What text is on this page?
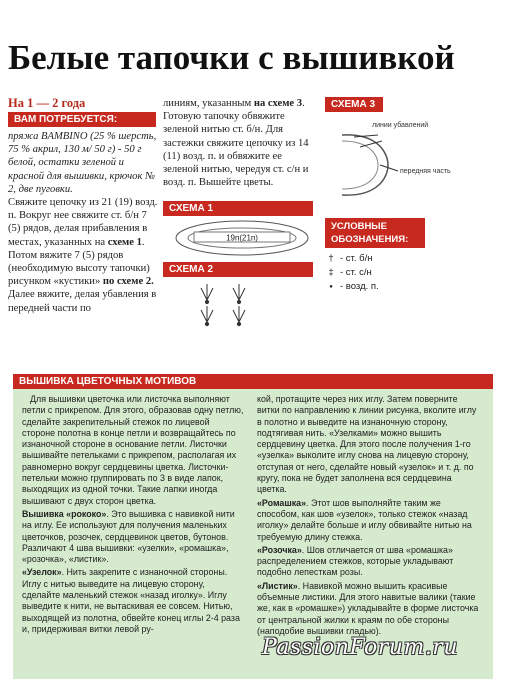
Белые тапочки с вышивкой
На 1 — 2 года
ВАМ ПОТРЕБУЕТСЯ:

пряжа BAMBINO (25 % шерсть, 75 % акрил, 130 м/ 50 г) - 50 г белой, остатки зеленой и красной для вышивки, крючок № 2, две пуговки.

Свяжите цепочку из 21 (19) возд. п. Вокруг нее свяжите ст. б/н 7 (5) рядов, делая прибавления в местах, указанных на схеме 1. Потом вяжите 7 (5) рядов (необходимую высоту тапочки) рисунком «кустики» по схеме 2.

Далее вяжите, делая убавления в передней части по

линиям, указанным на схеме 3. Готовую тапочку обвяжите зеленой нитью ст. б/н. Для застежки свяжите цепочку из 14 (11) возд. п. и обвяжите ее зеленой нитью, чередуя ст. с/н и возд. п. Вышейте цветы.

СХЕМА 3
линии убавлений
передняя часть
СХЕМА 1
19п(21п)
СХЕМА 2
УСЛОВНЫЕ ОБОЗНАЧЕНИЯ:
† - ст. б/н
‡ - ст. с/н
● - возд. п.
ВЫШИВКА ЦВЕТОЧНЫХ МОТИВОВ

Для вышивки цветочка или листочка выполняют петли с прикрепом. Для этого, образовав одну петлю, сделайте закрепительный стежок по лицевой стороне полотна в конце петли и возвращайтесь по изнаночной стороне в основание петли. Листочки вышивайте петельками с прикрепом, располагая их равномерно вокруг сердцевины цветка. Листочки-петельки можно группировать по 3 в виде лапок, выходящих из одной точки. Такие лапки иногда вышивают с двух сторон цветка.

Вышивка «рококо». Это вышивка с навивкой нити на иглу. Ее используют для получения маленьких цветочков, розочек, сердцевинок цветов, бутонов. Различают 4 шва вышивки: «узелки», «ромашка», «розочка», «листик».

«Узелок». Нить закрепите с изнаночной стороны. Иглу с нитью выведите на лицевую сторону, сделайте маленький стежок «назад иголку». Иглу выведите к нити, не вытаскивая ее совсем. Нитью, выходящей из полотна, обвейте конец иглы 2-4 раза и, придерживая витки левой ру-

кой, протащите через них иглу. Затем поверните витки по направлению к линии рисунка, вколите иглу в полотно и выведите на изнаночную сторону, подтягивая нить. «Узелками» можно вышить сердцевину цветка. Для этого после получения 1-го «узелка» выколите иглу снова на лицевую сторону, отступая от него, сделайте новый «узелок» и т. д. по кругу, пока не будет заполнена вся сердцевина цветка.

«Ромашка». Этот шов выполняйте таким же способом, как шов «узелок», только стежок «назад иголку» делайте больше и иглу обвивайте нитью на требуемую длину стежка.

«Розочка». Шов отличается от шва «ромашка» распределением стежков, которые укладывают подобно лепесткам розы.

«Листик». Навивкой можно вышить красивые объемные листики. Для этого навитые валики (такие же, как в «ромашке») укладывайте в форме листочка от центральной жилки к краям по обе стороны (наподобие вышивки гладью).

PassionForum.ru
